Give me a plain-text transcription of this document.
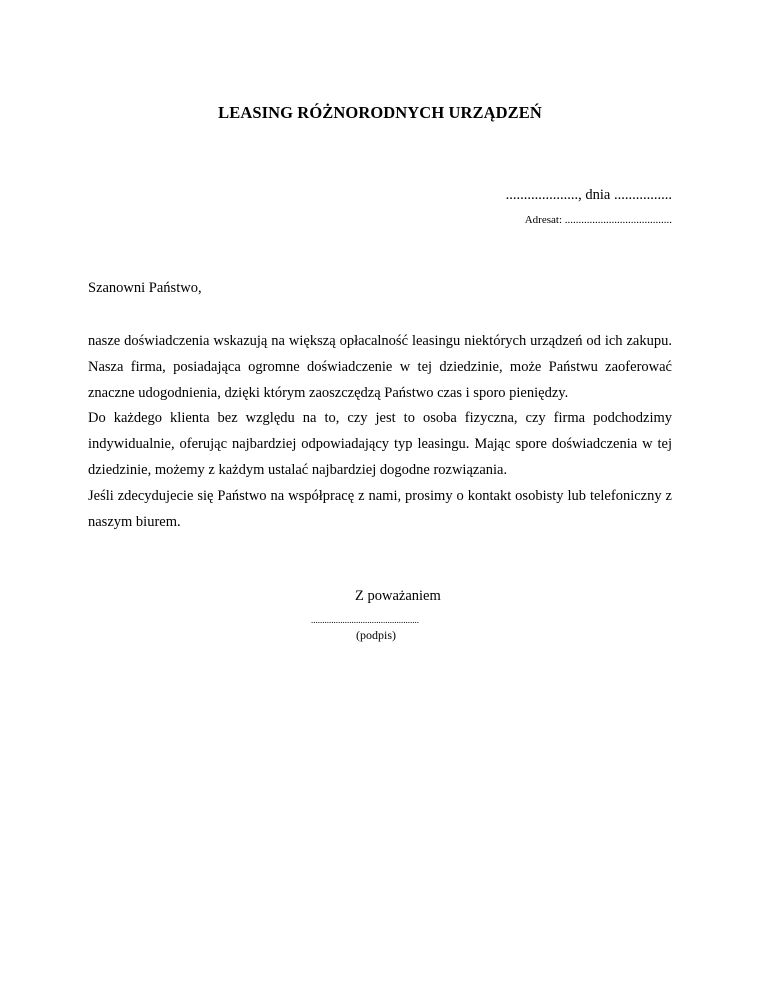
LEASING RÓŻNORODNYCH URZĄDZEŃ
...................., dnia ................
Adresat: .......................................
Szanowni Państwo,

nasze doświadczenia wskazują na większą opłacalność leasingu niektórych urządzeń od ich zakupu. Nasza firma, posiadająca ogromne doświadczenie w tej dziedzinie, może Państwu zaoferować znaczne udogodnienia, dzięki którym zaoszczędzą Państwo czas i sporo pieniędzy.

Do każdego klienta bez względu na to, czy jest to osoba fizyczna, czy firma podchodzimy indywidualnie, oferując najbardziej odpowiadający typ leasingu. Mając spore doświadczenia w tej dziedzinie, możemy z każdym ustalać najbardziej dogodne rozwiązania.

Jeśli zdecydujecie się Państwo na współpracę z nami, prosimy o kontakt osobisty lub telefoniczny z naszym biurem.

Z poważaniem
................................................
(podpis)
